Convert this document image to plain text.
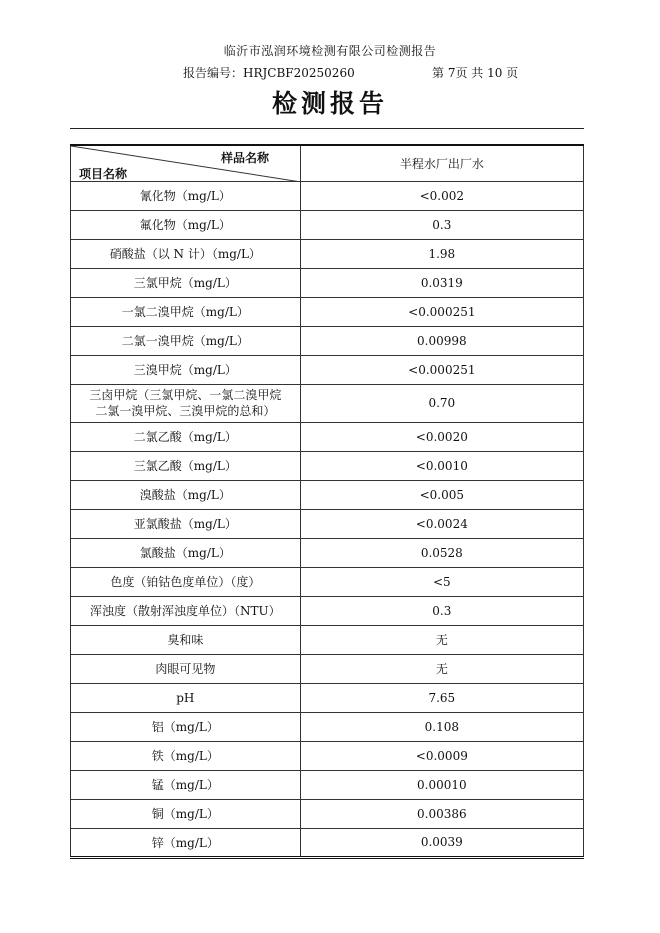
临沂市泓润环境检测有限公司检测报告
报告编号：HRJCBF20250260	第 7页 共 10 页
检测报告
样品名称
项目名称	半程水厂出厂水
氰化物（mg/L）	<0.002
氟化物（mg/L）	0.3
硝酸盐（以 N 计）（mg/L）	1.98
三氯甲烷（mg/L）	0.0319
一氯二溴甲烷（mg/L）	<0.000251
二氯一溴甲烷（mg/L）	0.00998
三溴甲烷（mg/L）	<0.000251

三卤甲烷（三氯甲烷、一氯二溴甲烷
二氯一溴甲烷、三溴甲烷的总和）	0.70
二氯乙酸（mg/L）	<0.0020
三氯乙酸（mg/L）	<0.0010
溴酸盐（mg/L）	<0.005
亚氯酸盐（mg/L）	<0.0024
氯酸盐（mg/L）	0.0528
色度（铂钴色度单位）（度）	<5
浑浊度（散射浑浊度单位）（NTU）	0.3
臭和味	无
肉眼可见物	无
pH	7.65
铝（mg/L）	0.108
铁（mg/L）	<0.0009
锰（mg/L）	0.00010
铜（mg/L）	0.00386
锌（mg/L）	0.0039
